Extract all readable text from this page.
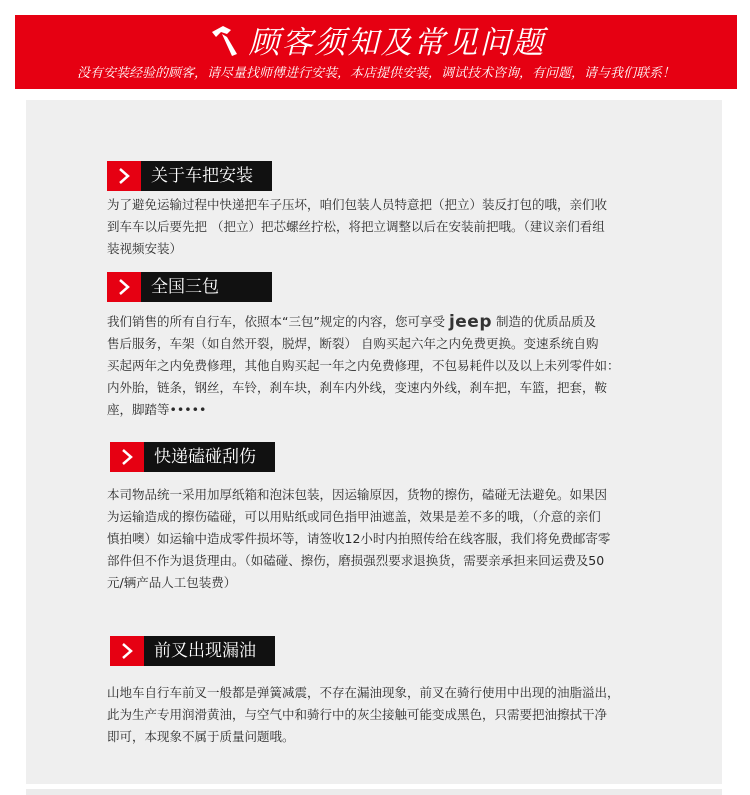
顾客须知及常见问题
没有安装经验的顾客，请尽量找师傅进行安装，本店提供安装，调试技术咨询，有问题，请与我们联系！
关于车把安装

为了避免运输过程中快递把车子压坏，咱们包装人员特意把（把立）装反打包的哦，亲们收

到车车以后要先把 （把立）把芯螺丝拧松，将把立调整以后在安装前把哦。（建议亲们看组

装视频安装）

全国三包

我们销售的所有自行车，依照本“三包”规定的内容，您可享受 jeep 制造的优质品质及

售后服务，车架（如自然开裂，脱焊，断裂） 自购买起六年之内免费更换。变速系统自购

买起两年之内免费修理，其他自购买起一年之内免费修理，不包易耗件以及以上未列零件如：

内外胎，链条，钢丝，车铃，刹车块，刹车内外线，变速内外线，刹车把，车篮，把套，鞍

座，脚踏等•••••

快递磕碰刮伤

本司物品统一采用加厚纸箱和泡沫包装，因运输原因，货物的擦伤，磕碰无法避免。如果因

为运输造成的擦伤磕碰，可以用贴纸或同色指甲油遮盖，效果是差不多的哦，（介意的亲们

慎拍噢）如运输中造成零件损坏等，请签收12小时内拍照传给在线客服，我们将免费邮寄零

部件但不作为退货理由。（如磕碰、擦伤，磨损强烈要求退换货，需要亲承担来回运费及50

元/辆产品人工包装费）

前叉出现漏油

山地车自行车前叉一般都是弹簧减震，不存在漏油现象，前叉在骑行使用中出现的油脂溢出，

此为生产专用润滑黄油，与空气中和骑行中的灰尘接触可能变成黑色，只需要把油擦拭干净

即可，本现象不属于质量问题哦。
